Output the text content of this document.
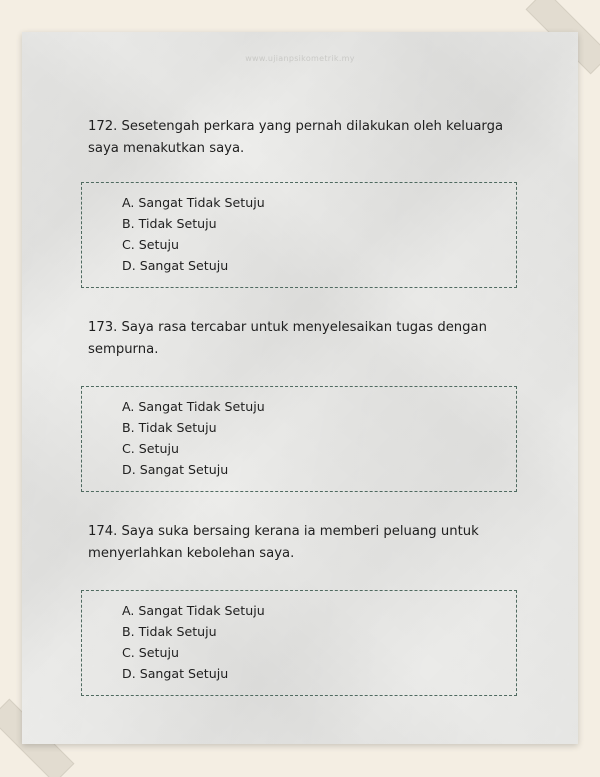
www.ujianpsikometrik.my
172. Sesetengah perkara yang pernah dilakukan oleh keluarga saya menakutkan saya.
A. Sangat Tidak Setuju
B. Tidak Setuju
C. Setuju
D. Sangat Setuju
173. Saya rasa tercabar untuk menyelesaikan tugas dengan sempurna.
A. Sangat Tidak Setuju
B. Tidak Setuju
C. Setuju
D. Sangat Setuju
174. Saya suka bersaing kerana ia memberi peluang untuk menyerlahkan kebolehan saya.
A. Sangat Tidak Setuju
B. Tidak Setuju
C. Setuju
D. Sangat Setuju
